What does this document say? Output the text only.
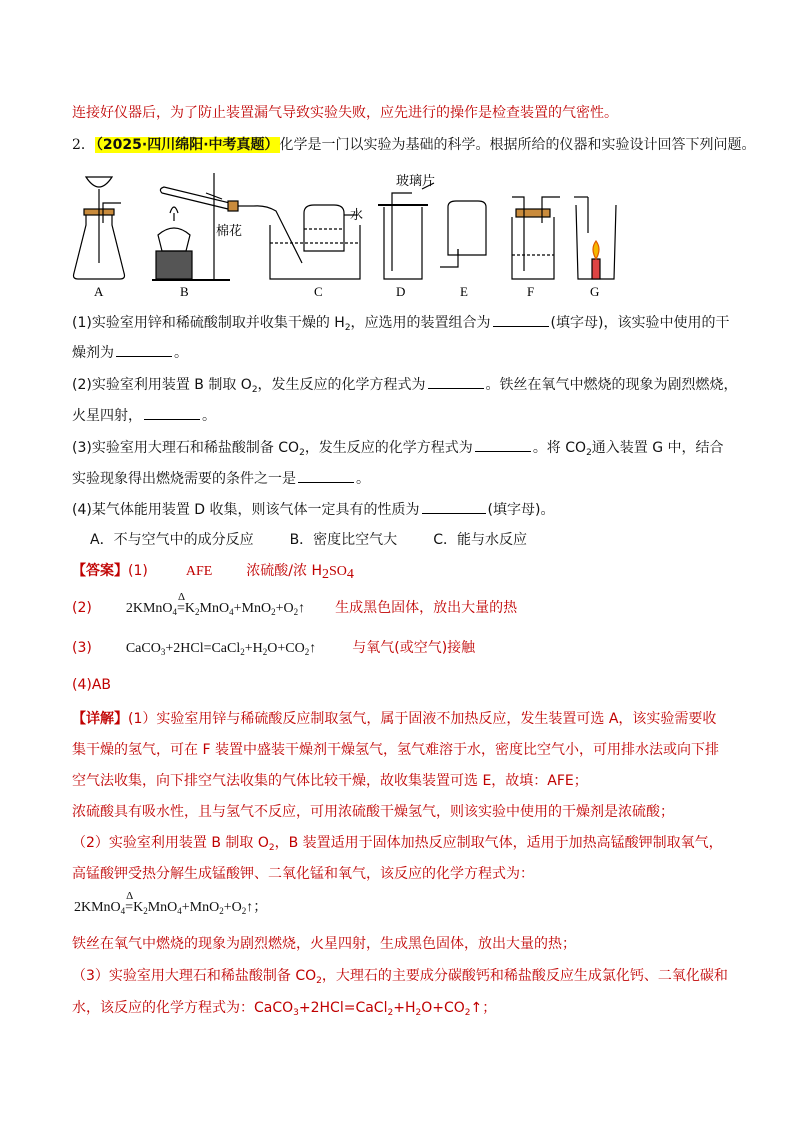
连接好仪器后，为了防止装置漏气导致实验失败，应先进行的操作是检查装置的气密性。
2．（2025·四川绵阳·中考真题）化学是一门以实验为基础的科学。根据所给的仪器和实验设计回答下列问题。
A	B	C	D	E	F	G
棉花
水
玻璃片
(1)实验室用锌和稀硫酸制取并收集干燥的 $H_2$，应选用的装置组合为	(填字母)，该实验中使用的干
燥剂为	。
(2)实验室利用装置 B 制取 $O_2$，发生反应的化学方程式为	。铁丝在氧气中燃烧的现象为剧烈燃烧，
火星四射，	。
(3)实验室用大理石和稀盐酸制备 $CO_2$，发生反应的化学方程式为	。将 $CO_2$通入装置 G 中，结合
实验现象得出燃烧需要的条件之一是	。
(4)某气体能用装置 D 收集，则该气体一定具有的性质为	(填字母)。
A．不与空气中的成分反应	B．密度比空气大	C．能与水反应
【答案】(1)	AFE 浓硫酸/浓 $H_2SO_4$
(2) 2KMnO$_4$
Δ
$=K_2MnO_4+MnO_2+O_2↑$ 生成黑色固体，放出大量的热
(3) $CaCO_3+2HCl=CaCl_2+H_2O+CO_2↑$	与氧气(或空气)接触
(4)AB
【详解】(1）实验室用锌与稀硫酸反应制取氢气，属于固液不加热反应，发生装置可选 A，该实验需要收
集干燥的氢气，可在 F 装置中盛装干燥剂干燥氢气，氢气难溶于水，密度比空气小，可用排水法或向下排
空气法收集，向下排空气法收集的气体比较干燥，故收集装置可选 E，故填：AFE；
浓硫酸具有吸水性，且与氢气不反应，可用浓硫酸干燥氢气，则该实验中使用的干燥剂是浓硫酸；
（2）实验室利用装置 B 制取 $O_2$，B 装置适用于固体加热反应制取气体，适用于加热高锰酸钾制取氧气，
高锰酸钾受热分解生成锰酸钾、二氧化锰和氧气，该反应的化学方程式为：
2KMnO$_4$
Δ
$=K_2MnO_4+MnO_2+O_2↑$；
铁丝在氧气中燃烧的现象为剧烈燃烧，火星四射，生成黑色固体，放出大量的热；
（3）实验室用大理石和稀盐酸制备 $CO_2$，大理石的主要成分碳酸钙和稀盐酸反应生成氯化钙、二氧化碳和
水，该反应的化学方程式为：$CaCO_3+2HCl=CaCl_2+H_2O+CO_2↑$；
